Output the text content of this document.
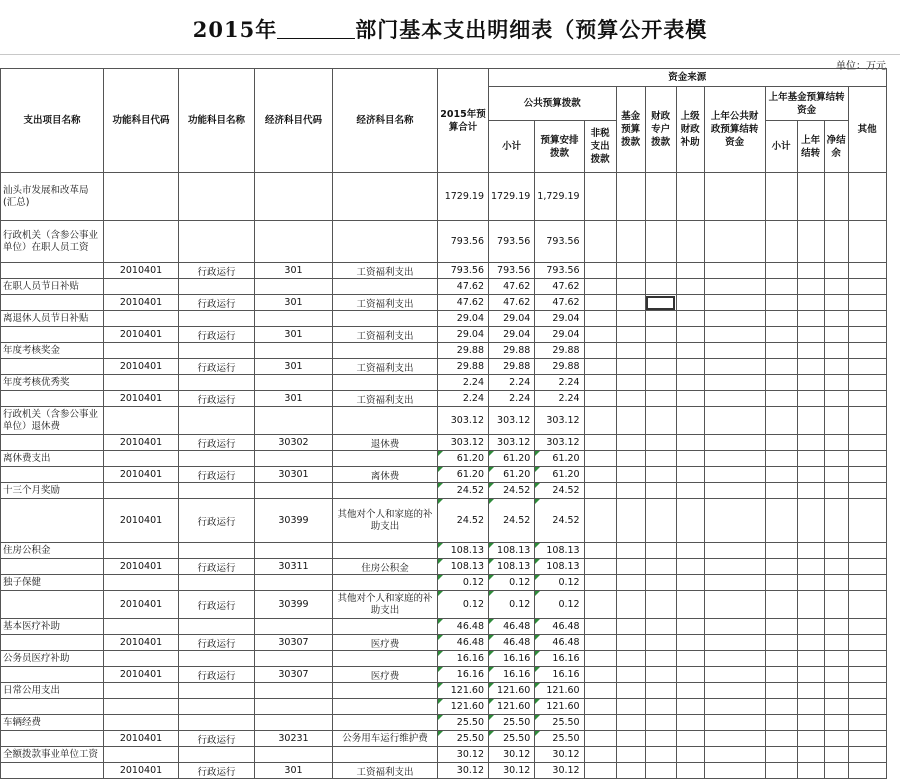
2015年	部门基本支出明细表（预算公开表模
单位：万元
支出项目名称	功能科目代码	功能科目名称	经济科目代码	经济科目名称	2015年预算合计	资金来源										
						公共预算拨款			基金预算拨款	财政专户拨款	上级财政补助	上年公共财政预算结转资金	上年基金预算结转资金			其他
						小计	预算安排拨款	非税支出拨款					小计	上年结转	净结余	
汕头市发展和改革局
(汇总)					1729.19	1729.19	1,729.19									
行政机关（含参公事业单位）在职人员工资					793.56	793.56	793.56									
	2010401	行政运行	301	工资福利支出	793.56	793.56	793.56									
在职人员节日补贴					47.62	47.62	47.62									
	2010401	行政运行	301	工资福利支出	47.62	47.62	47.62									
离退休人员节日补贴					29.04	29.04	29.04									
	2010401	行政运行	301	工资福利支出	29.04	29.04	29.04									
年度考核奖金					29.88	29.88	29.88									
	2010401	行政运行	301	工资福利支出	29.88	29.88	29.88									
年度考核优秀奖					2.24	2.24	2.24									
	2010401	行政运行	301	工资福利支出	2.24	2.24	2.24									
行政机关（含参公事业单位）退休费					303.12	303.12	303.12									
	2010401	行政运行	30302	退休费	303.12	303.12	303.12									
离休费支出					61.20	61.20	61.20									
	2010401	行政运行	30301	离休费	61.20	61.20	61.20									
十三个月奖励					24.52	24.52	24.52									
	2010401	行政运行	30399	其他对个人和家庭的补助支出	24.52	24.52	24.52									
住房公积金					108.13	108.13	108.13									
	2010401	行政运行	30311	住房公积金	108.13	108.13	108.13									
独子保健					0.12	0.12	0.12									
	2010401	行政运行	30399	其他对个人和家庭的补助支出	0.12	0.12	0.12									
基本医疗补助					46.48	46.48	46.48									
	2010401	行政运行	30307	医疗费	46.48	46.48	46.48									
公务员医疗补助					16.16	16.16	16.16									
	2010401	行政运行	30307	医疗费	16.16	16.16	16.16									
日常公用支出					121.60	121.60	121.60									
					121.60	121.60	121.60									
车辆经费					25.50	25.50	25.50									
	2010401	行政运行	30231	公务用车运行维护费	25.50	25.50	25.50									
全额拨款事业单位工资					30.12	30.12	30.12									
	2010401	行政运行	301	工资福利支出	30.12	30.12	30.12									
